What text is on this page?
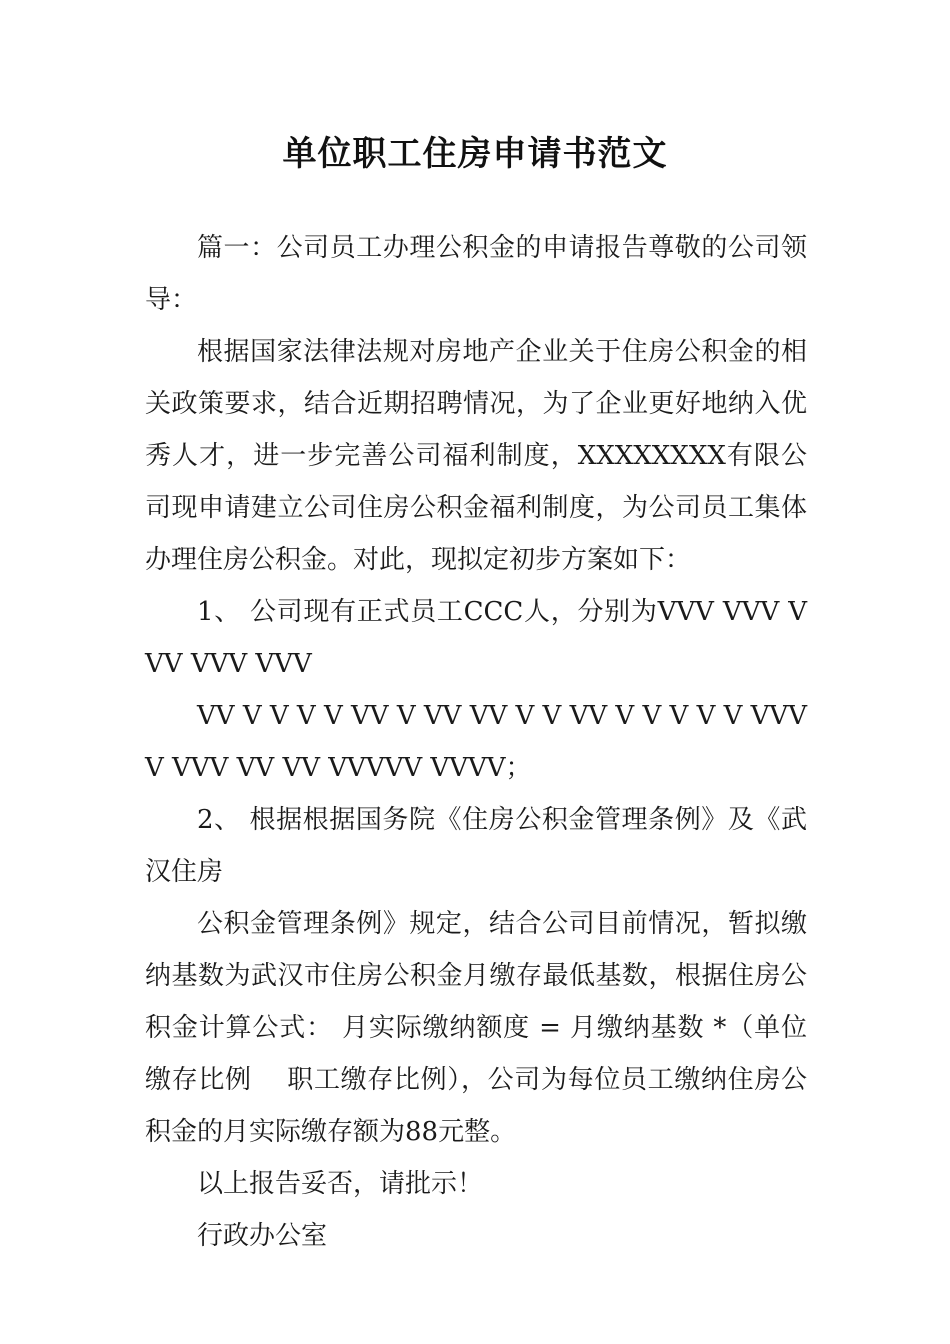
单位职工住房申请书范文

篇一：公司员工办理公积金的申请报告尊敬的公司领导：

根据国家法律法规对房地产企业关于住房公积金的相关政策要求，结合近期招聘情况，为了企业更好地纳入优秀人才，进一步完善公司福利制度，XXXXXXXX有限公司现申请建立公司住房公积金福利制度，为公司员工集体办理住房公积金。对此，现拟定初步方案如下：

1、 公司现有正式员工CCC人，分别为VVV VVV VVV VVV VVV

VV V V V V VV V VV VV V V VV V V V V V VVVV VVV VV VV VVVVV VVVV；

2、 根据根据国务院《住房公积金管理条例》及《武汉住房

公积金管理条例》规定，结合公司目前情况，暂拟缴纳基数为武汉市住房公积金月缴存最低基数，根据住房公积金计算公式： 月实际缴纳额度 = 月缴纳基数 *（单位缴存比例　 职工缴存比例），公司为每位员工缴纳住房公积金的月实际缴存额为88元整。

以上报告妥否，请批示！

行政办公室
